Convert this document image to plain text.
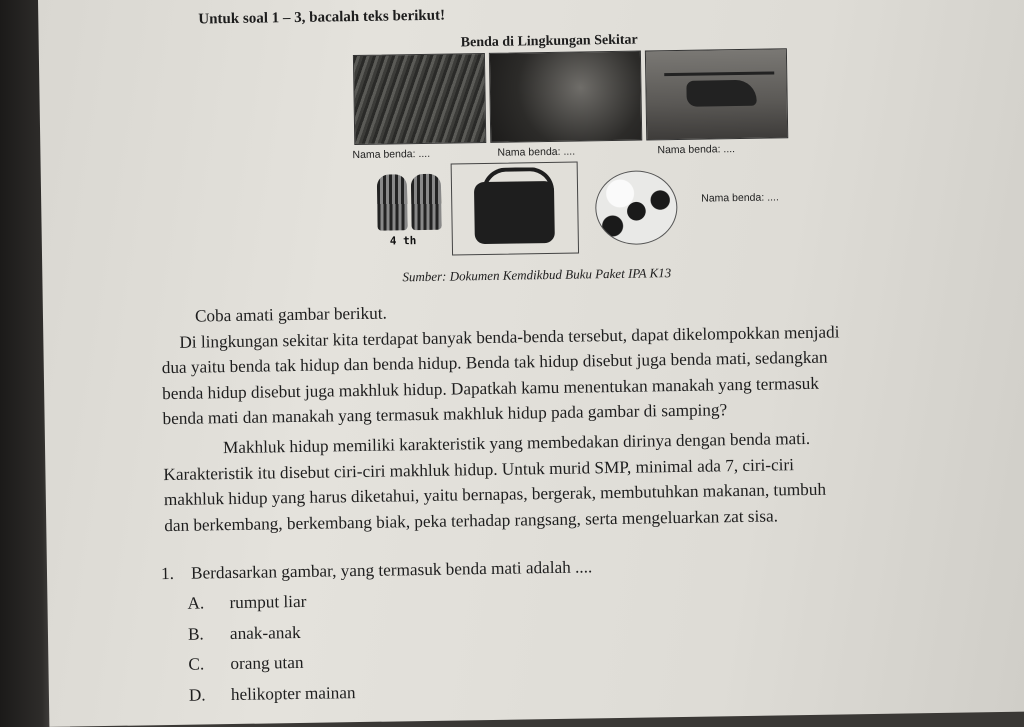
Untuk soal 1 – 3, bacalah teks berikut!
Benda di Lingkungan Sekitar
Nama benda: ....	Nama benda: ....	Nama benda: ....
4 th
Nama benda: ....
Sumber: Dokumen Kemdikbud Buku Paket IPA K13
Coba amati gambar berikut.
Di lingkungan sekitar kita terdapat banyak benda-benda tersebut, dapat dikelompokkan menjadi
dua yaitu benda tak hidup dan benda hidup. Benda tak hidup disebut juga benda mati, sedangkan
benda hidup disebut juga makhluk hidup. Dapatkah kamu menentukan manakah yang termasuk
benda mati dan manakah yang termasuk makhluk hidup pada gambar di samping?
Makhluk hidup memiliki karakteristik yang membedakan dirinya dengan benda mati.
Karakteristik itu disebut ciri-ciri makhluk hidup. Untuk murid SMP, minimal ada 7, ciri-ciri
makhluk hidup yang harus diketahui, yaitu bernapas, bergerak, membutuhkan makanan, tumbuh
dan berkembang, berkembang biak, peka terhadap rangsang, serta mengeluarkan zat sisa.
1. Berdasarkan gambar, yang termasuk benda mati adalah ....
A. rumput liar
B. anak-anak
C. orang utan
D. helikopter mainan
